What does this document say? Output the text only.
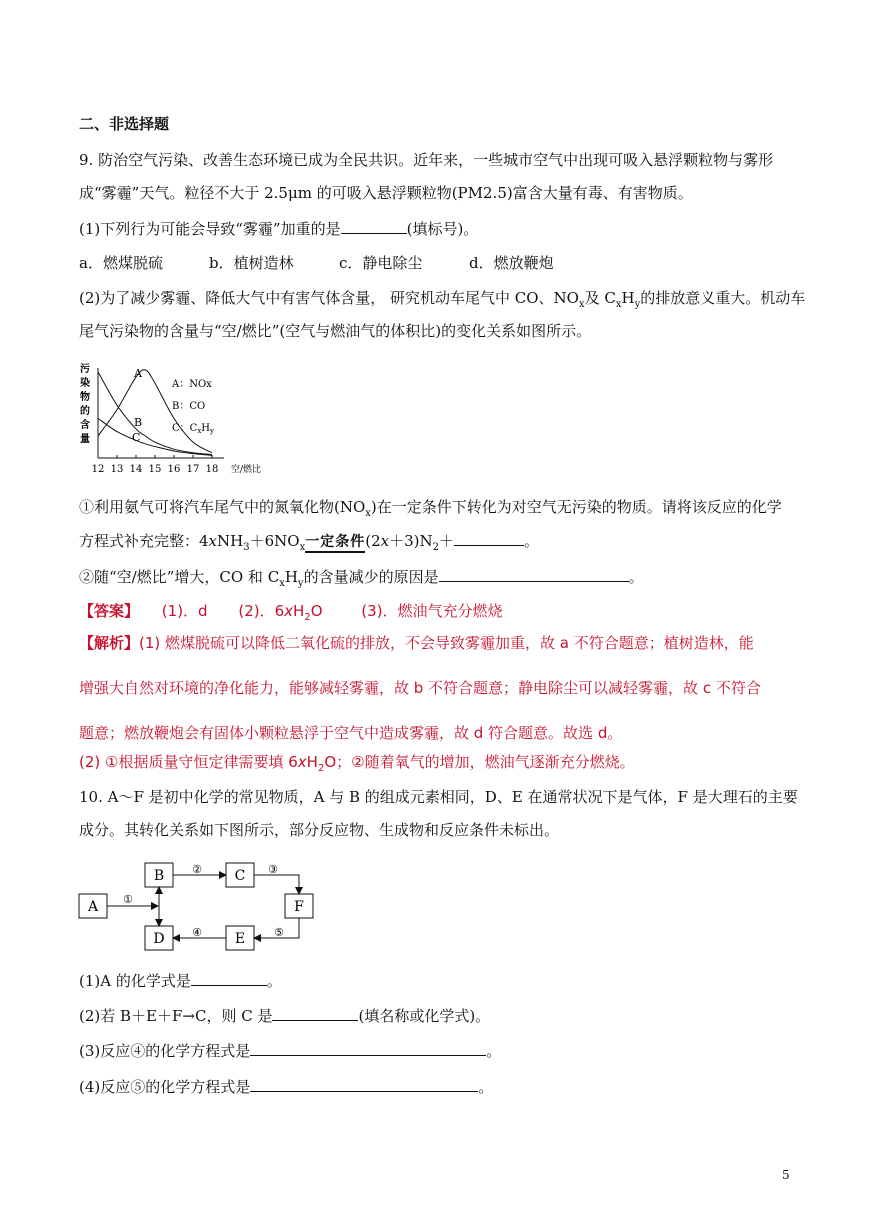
二、非选择题
9. 防治空气污染、改善生态环境已成为全民共识。近年来，一些城市空气中出现可吸入悬浮颗粒物与雾形
成“雾霾”天气。粒径不大于 2.5μm 的可吸入悬浮颗粒物(PM2.5)富含大量有毒、有害物质。
(1)下列行为可能会导致“雾霾”加重的是	(填标号)。
a．燃煤脱硫	b．植树造林	c．静电除尘	d．燃放鞭炮
(2)为了减少雾霾、降低大气中有害气体含量， 研究机动车尾气中 CO、$NO_x$及 $C_xH_y$的排放意义重大。机动车
尾气污染物的含量与“空/燃比”(空气与燃油气的体积比)的变化关系如图所示。
污
染
物
的
含
量
12 13 14 15 16 17 18 空/燃比
A
B
C
A：NOx
B：CO
C：$C_xH_y$
①利用氨气可将汽车尾气中的氮氧化物$(NO_x)$在一定条件下转化为对空气无污染的物质。请将该反应的化学
方程式补充完整：$4xNH_3+6NO_x$一定条件$(2x+3)N_2+$	。
②随“空/燃比”增大，CO 和 $C_xH_y$的含量减少的原因是	。
【答案】 (1)．d (2)．$6xH_2O$	(3)．燃油气充分燃烧
【解析】(1) 燃煤脱硫可以降低二氧化硫的排放，不会导致雾霾加重，故 a 不符合题意；植树造林，能
增强大自然对环境的净化能力，能够减轻雾霾，故 b 不符合题意；静电除尘可以减轻雾霾，故 c 不符合
题意；燃放鞭炮会有固体小颗粒悬浮于空气中造成雾霾，故 d 符合题意。故选 d。
(2) ①根据质量守恒定律需要填 $6xH_2O$；②随着氧气的增加，燃油气逐渐充分燃烧。
10. A～F 是初中化学的常见物质，A 与 B 的组成元素相同，D、E 在通常状况下是气体，F 是大理石的主要
成分。其转化关系如下图所示，部分反应物、生成物和反应条件未标出。
A
B	C
D	E
F
①
②	③
④	⑤
(1)A 的化学式是	。
(2)若 B＋E＋F→C，则 C 是	(填名称或化学式)。
(3)反应④的化学方程式是	。
(4)反应⑤的化学方程式是	。
5
